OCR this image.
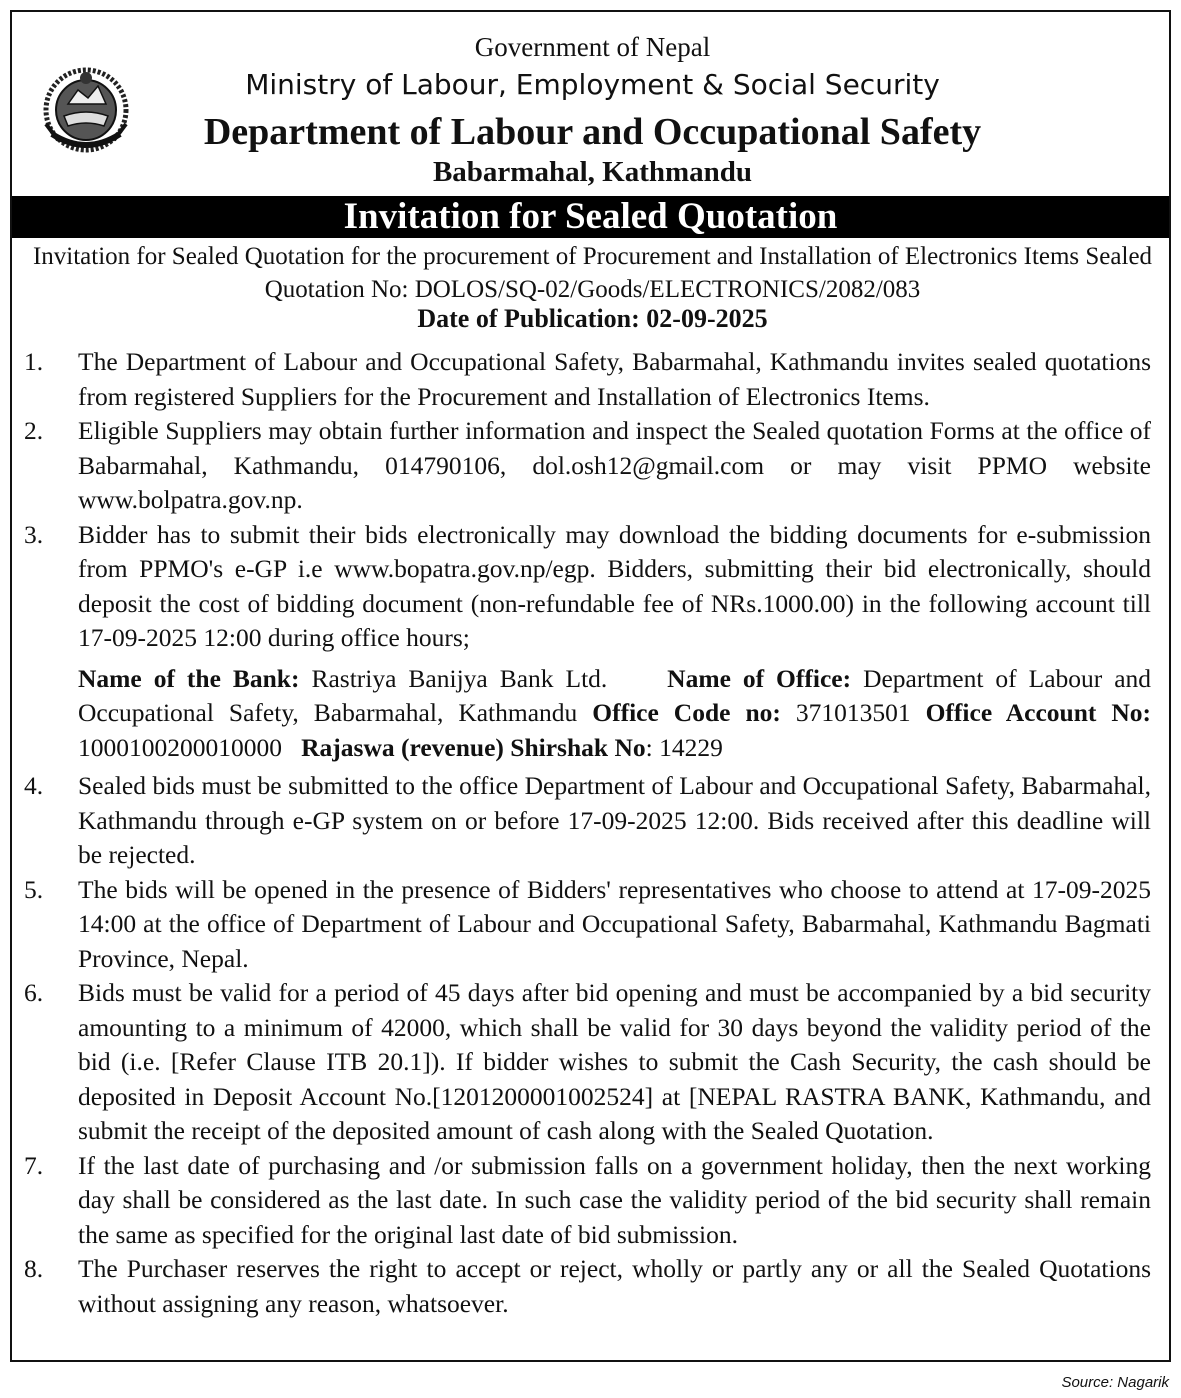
Government of Nepal
Ministry of Labour, Employment & Social Security
Department of Labour and Occupational Safety
Babarmahal, Kathmandu
Invitation for Sealed Quotation
Invitation for Sealed Quotation for the procurement of Procurement and Installation of Electronics Items Sealed Quotation No: DOLOS/SQ-02/Goods/ELECTRONICS/2082/083
Date of Publication: 02-09-2025
1. The Department of Labour and Occupational Safety, Babarmahal, Kathmandu invites sealed quotations from registered Suppliers for the Procurement and Installation of Electronics Items.
2. Eligible Suppliers may obtain further information and inspect the Sealed quotation Forms at the office of Babarmahal, Kathmandu, 014790106, dol.osh12@gmail.com or may visit PPMO website www.bolpatra.gov.np.
3. Bidder has to submit their bids electronically may download the bidding documents for e-submission from PPMO's e-GP i.e www.bopatra.gov.np/egp. Bidders, submitting their bid electronically, should deposit the cost of bidding document (non-refundable fee of NRs.1000.00) in the following account till 17-09-2025 12:00 during office hours;
Name of the Bank: Rastriya Banijya Bank Ltd. Name of Office: Department of Labour and Occupational Safety, Babarmahal, Kathmandu Office Code no: 371013501 Office Account No: 1000100200010000 Rajaswa (revenue) Shirshak No: 14229
4. Sealed bids must be submitted to the office Department of Labour and Occupational Safety, Babarmahal, Kathmandu through e-GP system on or before 17-09-2025 12:00. Bids received after this deadline will be rejected.
5. The bids will be opened in the presence of Bidders' representatives who choose to attend at 17-09-2025 14:00 at the office of Department of Labour and Occupational Safety, Babarmahal, Kathmandu Bagmati Province, Nepal.
6. Bids must be valid for a period of 45 days after bid opening and must be accompanied by a bid security amounting to a minimum of 42000, which shall be valid for 30 days beyond the validity period of the bid (i.e. [Refer Clause ITB 20.1]). If bidder wishes to submit the Cash Security, the cash should be deposited in Deposit Account No.[1201200001002524] at [NEPAL RASTRA BANK, Kathmandu, and submit the receipt of the deposited amount of cash along with the Sealed Quotation.
7. If the last date of purchasing and /or submission falls on a government holiday, then the next working day shall be considered as the last date. In such case the validity period of the bid security shall remain the same as specified for the original last date of bid submission.
8. The Purchaser reserves the right to accept or reject, wholly or partly any or all the Sealed Quotations without assigning any reason, whatsoever.
Source: Nagarik
